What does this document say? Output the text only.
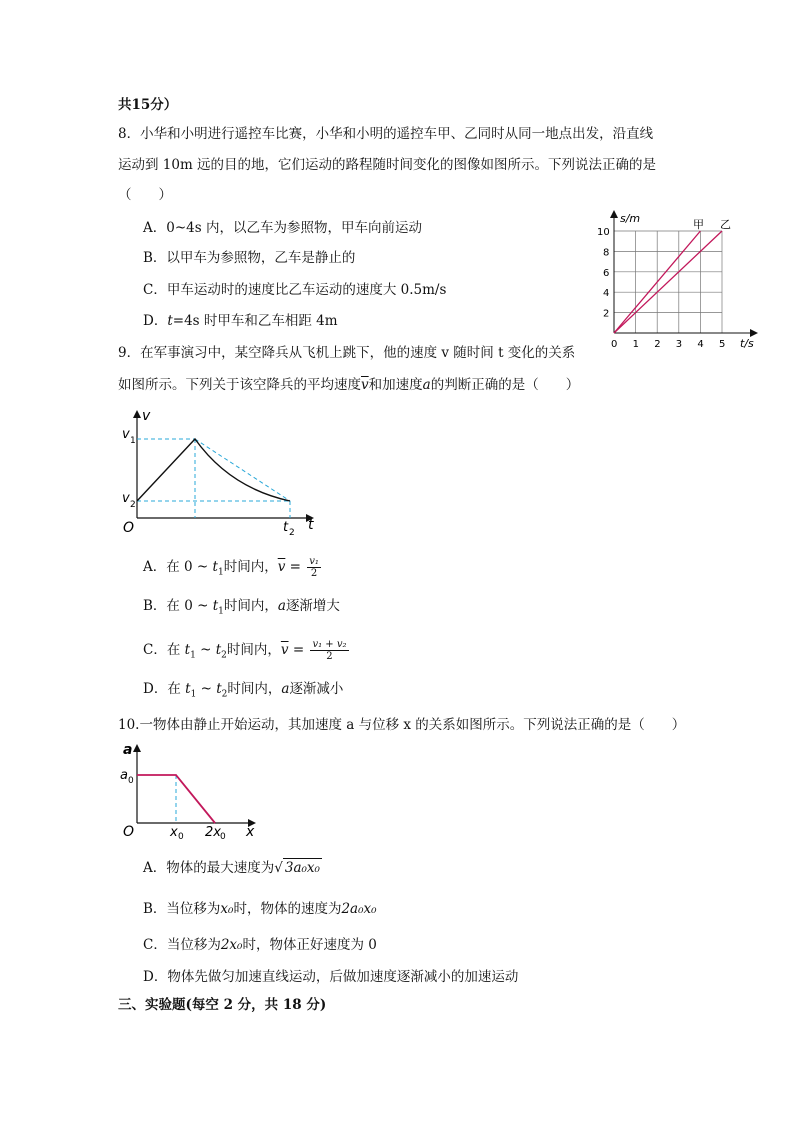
共15分）
8．小华和小明进行遥控车比赛，小华和小明的遥控车甲、乙同时从同一地点出发，沿直线
运动到 10m 远的目的地，它们运动的路程随时间变化的图像如图所示。下列说法正确的是
（　　）
A．0~4s 内，以乙车为参照物，甲车向前运动
B．以甲车为参照物，乙车是静止的
C．甲车运动时的速度比乙车运动的速度大 0.5m/s
D．t=4s 时甲车和乙车相距 4m
0 1 2 3 4 5
2
4
6
8
10
s/m
t/s
甲 乙
9．在军事演习中，某空降兵从飞机上跳下，他的速度 v 随时间 t 变化的关系
如图所示。下列关于该空降兵的平均速度$\overline{v}$和加速度a的判断正确的是（　　）
v
t
O
v 1
v 2
t 2
A．在 0 ~ $t_1$时间内，$\overline{v} = \frac{\text{v₁}}{2}$
B．在 0 ~ $t_1$时间内，a逐渐增大
C．在 $t_1$ ~ $t_2$时间内，$\overline{v} = \frac{\text{v₁ + v₂}}{2}$
D．在 $t_1$ ~ $t_2$时间内，a逐渐减小
10.一物体由静止开始运动，其加速度 a 与位移 x 的关系如图所示。下列说法正确的是（　　）
a
x
O
a 0
x 0 2x 0
A．物体的最大速度为√ 3a₀x₀
B．当位移为x₀时，物体的速度为2a₀x₀
C．当位移为2x₀时，物体正好速度为 0
D．物体先做匀加速直线运动，后做加速度逐渐减小的加速运动
三、实验题(每空 2 分，共 18 分)
